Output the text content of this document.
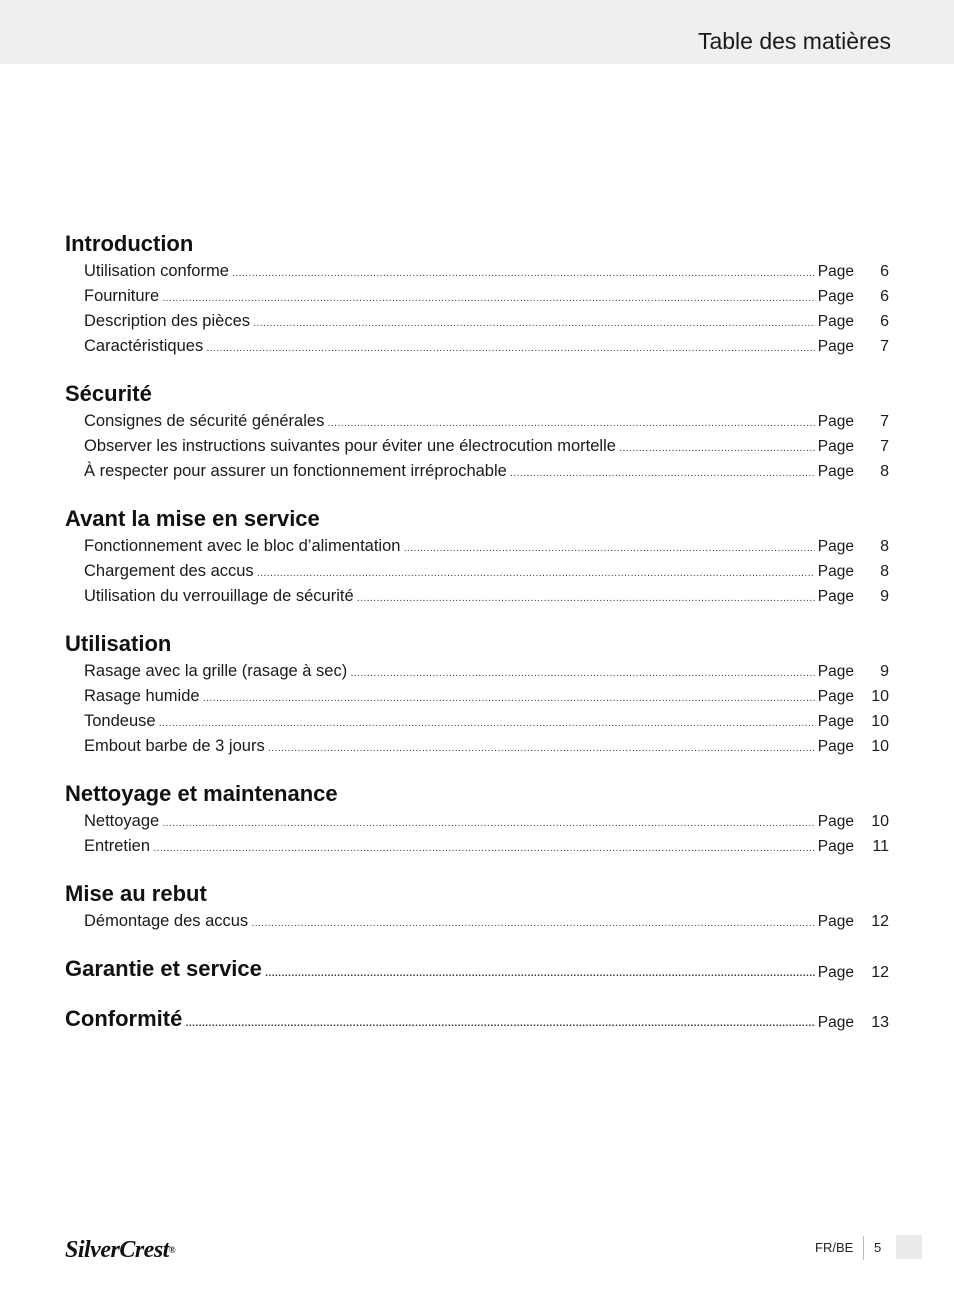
Table des matières
Introduction
Utilisation conforme .....	Page	6
Fourniture .....	Page	6
Description des pièces .....	Page	6
Caractéristiques .....	Page	7
Sécurité
Consignes de sécurité générales .....	Page	7
Observer les instructions suivantes pour éviter une électrocution mortelle .....	Page	7
À respecter pour assurer un fonctionnement irréprochable .....	Page	8
Avant la mise en service
Fonctionnement avec le bloc d’alimentation .....	Page	8
Chargement des accus .....	Page	8
Utilisation du verrouillage de sécurité .....	Page	9
Utilisation
Rasage avec la grille (rasage à sec) .....	Page	9
Rasage humide .....	Page	10
Tondeuse .....	Page	10
Embout barbe de 3 jours .....	Page	10
Nettoyage et maintenance
Nettoyage .....	Page	10
Entretien .....	Page	11
Mise au rebut
Démontage des accus .....	Page	12
Garantie et service .....	Page	12
Conformité .....	Page	13
SilverCrest®	FR/BE 5
